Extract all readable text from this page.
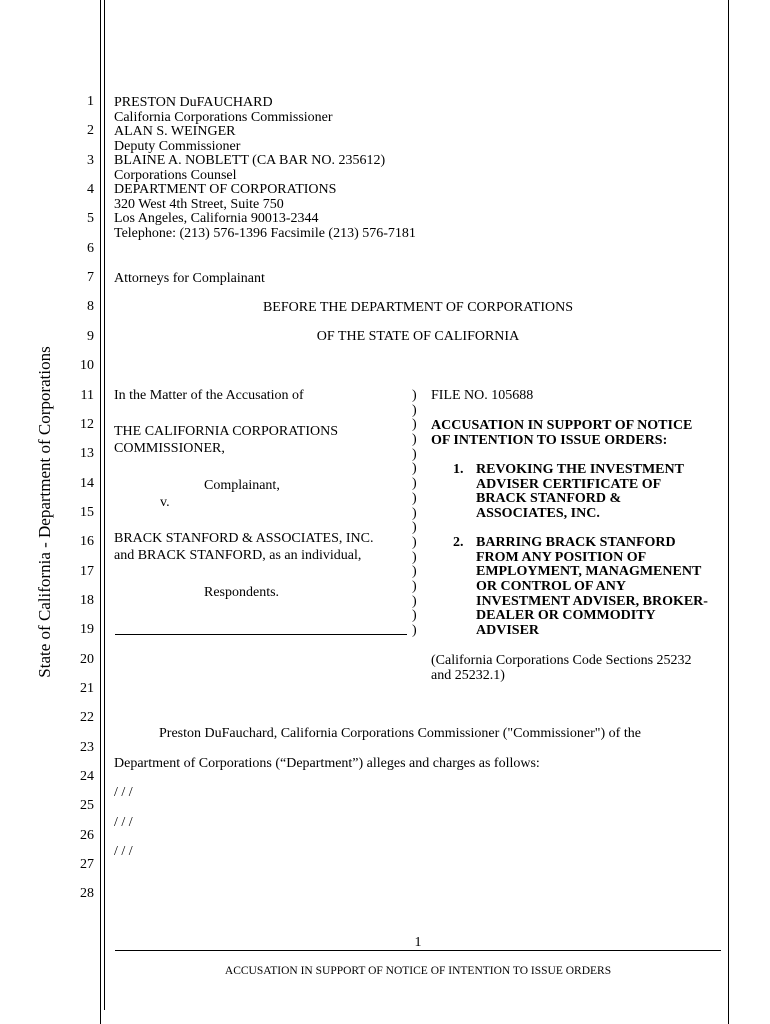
State of California - Department of Corporations
1
2
3
4
5
6
7
8
9
10
11
12
13
14
15
16
17
18
19
20
21
22
23
24
25
26
27
28
PRESTON DuFAUCHARD
California Corporations Commissioner
ALAN S. WEINGER
Deputy Commissioner
BLAINE A. NOBLETT (CA BAR NO. 235612)
Corporations Counsel
DEPARTMENT OF CORPORATIONS
320 West 4th Street, Suite 750
Los Angeles, California 90013-2344
Telephone: (213) 576-1396 Facsimile (213) 576-7181
Attorneys for Complainant
BEFORE THE DEPARTMENT OF CORPORATIONS
OF THE STATE OF CALIFORNIA
In the Matter of the Accusation of
THE CALIFORNIA CORPORATIONS
COMMISSIONER,
Complainant,
v.
BRACK STANFORD & ASSOCIATES, INC.
and BRACK STANFORD, as an individual,
Respondents.
)
)
)
)
)
)
)
)
)
)
)
)
)
)
)
)
)
FILE NO. 105688
ACCUSATION IN SUPPORT OF NOTICE
OF INTENTION TO ISSUE ORDERS:
1. REVOKING THE INVESTMENT
ADVISER CERTIFICATE OF
BRACK STANFORD &
ASSOCIATES, INC.
2. BARRING BRACK STANFORD
FROM ANY POSITION OF
EMPLOYMENT, MANAGMENENT
OR CONTROL OF ANY
INVESTMENT ADVISER, BROKER-
DEALER OR COMMODITY
ADVISER
(California Corporations Code Sections 25232
and 25232.1)
Preston DuFauchard, California Corporations Commissioner ("Commissioner") of the
Department of Corporations (“Department”) alleges and charges as follows:
/ / /
/ / /
/ / /
1
ACCUSATION IN SUPPORT OF NOTICE OF INTENTION TO ISSUE ORDERS
